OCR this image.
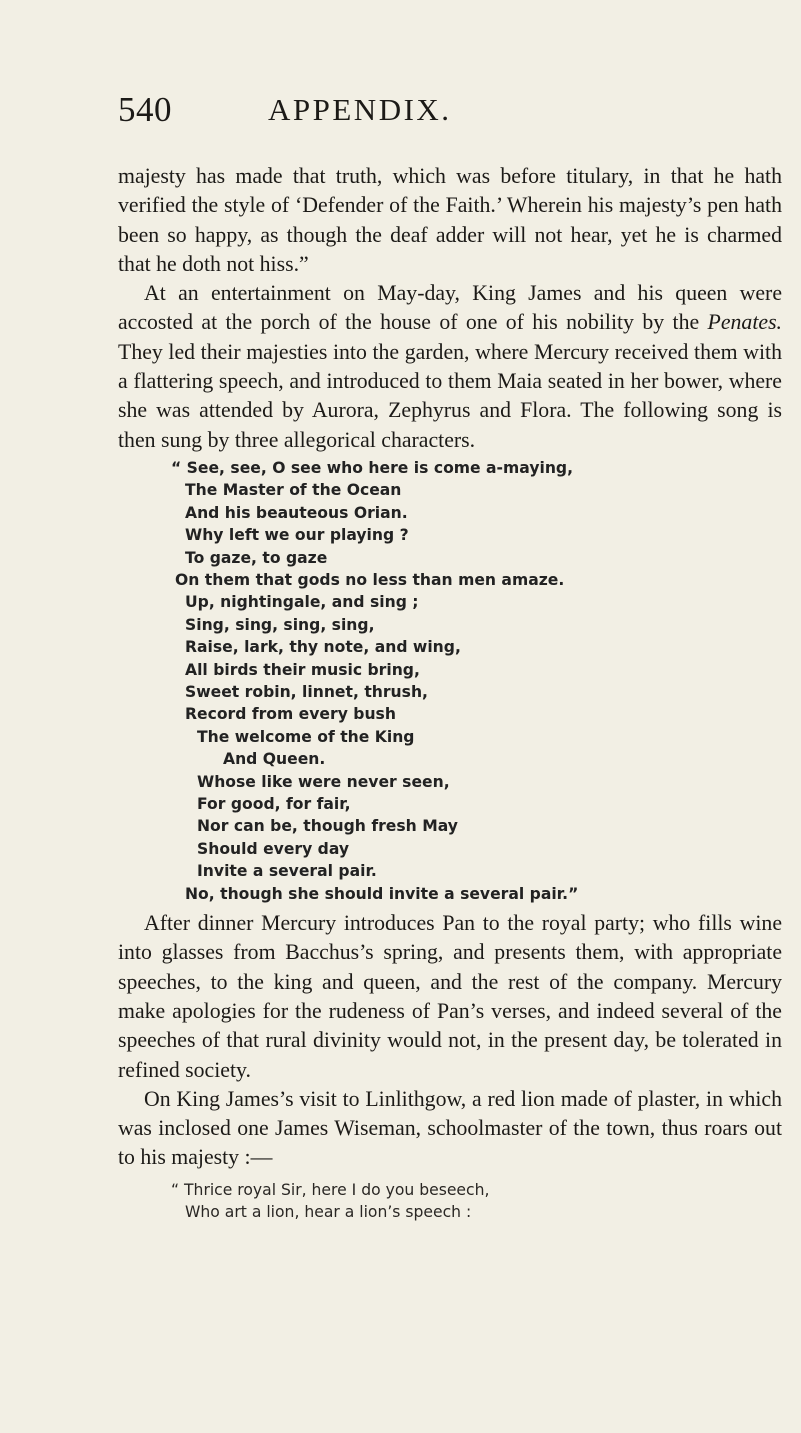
540	APPENDIX.

majesty has made that truth, which was before titulary, in that he hath verified the style of ‘Defender of the Faith.’ Wherein his majesty’s pen hath been so happy, as though the deaf adder will not hear, yet he is charmed that he doth not hiss.”

At an entertainment on May-day, King James and his queen were accosted at the porch of the house of one of his nobility by the Penates. They led their majesties into the garden, where Mercury received them with a flattering speech, and introduced to them Maia seated in her bower, where she was attended by Aurora, Zephyrus and Flora. The following song is then sung by three allegorical characters.

“ See, see, O see who here is come a-maying,
The Master of the Ocean
And his beauteous Orian.
Why left we our playing ?
To gaze, to gaze
On them that gods no less than men amaze.
Up, nightingale, and sing ;
Sing, sing, sing, sing,
Raise, lark, thy note, and wing,
All birds their music bring,
Sweet robin, linnet, thrush,
Record from every bush
The welcome of the King
And Queen.
Whose like were never seen,
For good, for fair,
Nor can be, though fresh May
Should every day
Invite a several pair.
No, though she should invite a several pair.”

After dinner Mercury introduces Pan to the royal party; who fills wine into glasses from Bacchus’s spring, and presents them, with appropriate speeches, to the king and queen, and the rest of the company. Mercury make apologies for the rudeness of Pan’s verses, and indeed several of the speeches of that rural divinity would not, in the present day, be tolerated in refined society.

On King James’s visit to Linlithgow, a red lion made of plaster, in which was inclosed one James Wiseman, schoolmaster of the town, thus roars out to his majesty :—

“ Thrice royal Sir, here I do you beseech,
Who art a lion, hear a lion’s speech :
